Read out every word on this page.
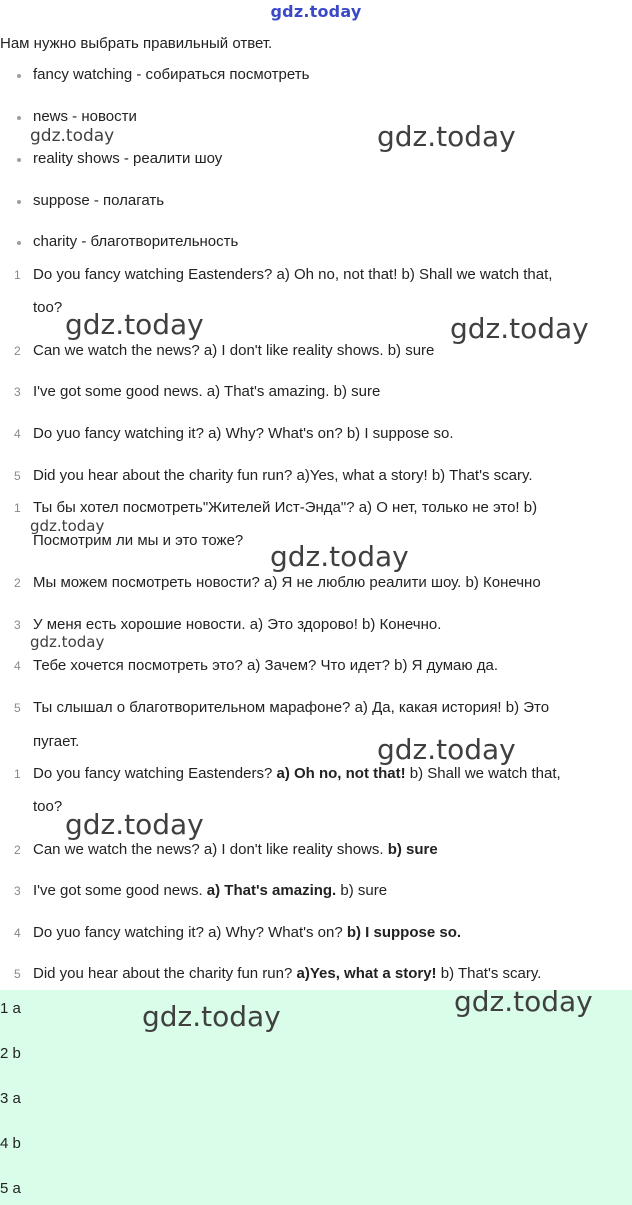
gdz.today
Нам нужно выбрать правильный ответ.
fancy watching - собираться посмотреть
news - новости
reality shows - реалити шоу
suppose - полагать
charity - благотворительность
1 Do you fancy watching Eastenders? a) Oh no, not that! b) Shall we watch that,
too?
2 Can we watch the news? a) I don't like reality shows. b) sure
3 I've got some good news. a) That's amazing. b) sure
4 Do yuo fancy watching it? a) Why? What's on? b) I suppose so.
5 Did you hear about the charity fun run? a)Yes, what a story! b) That's scary.
1 Ты бы хотел посмотреть"Жителей Ист-Энда"? а) О нет, только не это! b)
Посмотрим ли мы и это тоже?
2 Мы можем посмотреть новости? а) Я не люблю реалити шоу. b) Конечно
3 У меня есть хорошие новости. а) Это здорово! b) Конечно.
4 Тебе хочется посмотреть это? а) Зачем? Что идет? b) Я думаю да.
5 Ты слышал о благотворительном марафоне? а) Да, какая история! b) Это
пугает.
1 Do you fancy watching Eastenders? a) Oh no, not that! b) Shall we watch that,
too?
2 Can we watch the news? a) I don't like reality shows. b) sure
3 I've got some good news. a) That's amazing. b) sure
4 Do yuo fancy watching it? a) Why? What's on? b) I suppose so.
5 Did you hear about the charity fun run? a)Yes, what a story! b) That's scary.
1 a
2 b
3 a
4 b
5 a
gdz.today	gdz.today
gdz.today	gdz.today
gdz.today
gdz.today
gdz.today
gdz.today
gdz.today
gdz.today
gdz.today
